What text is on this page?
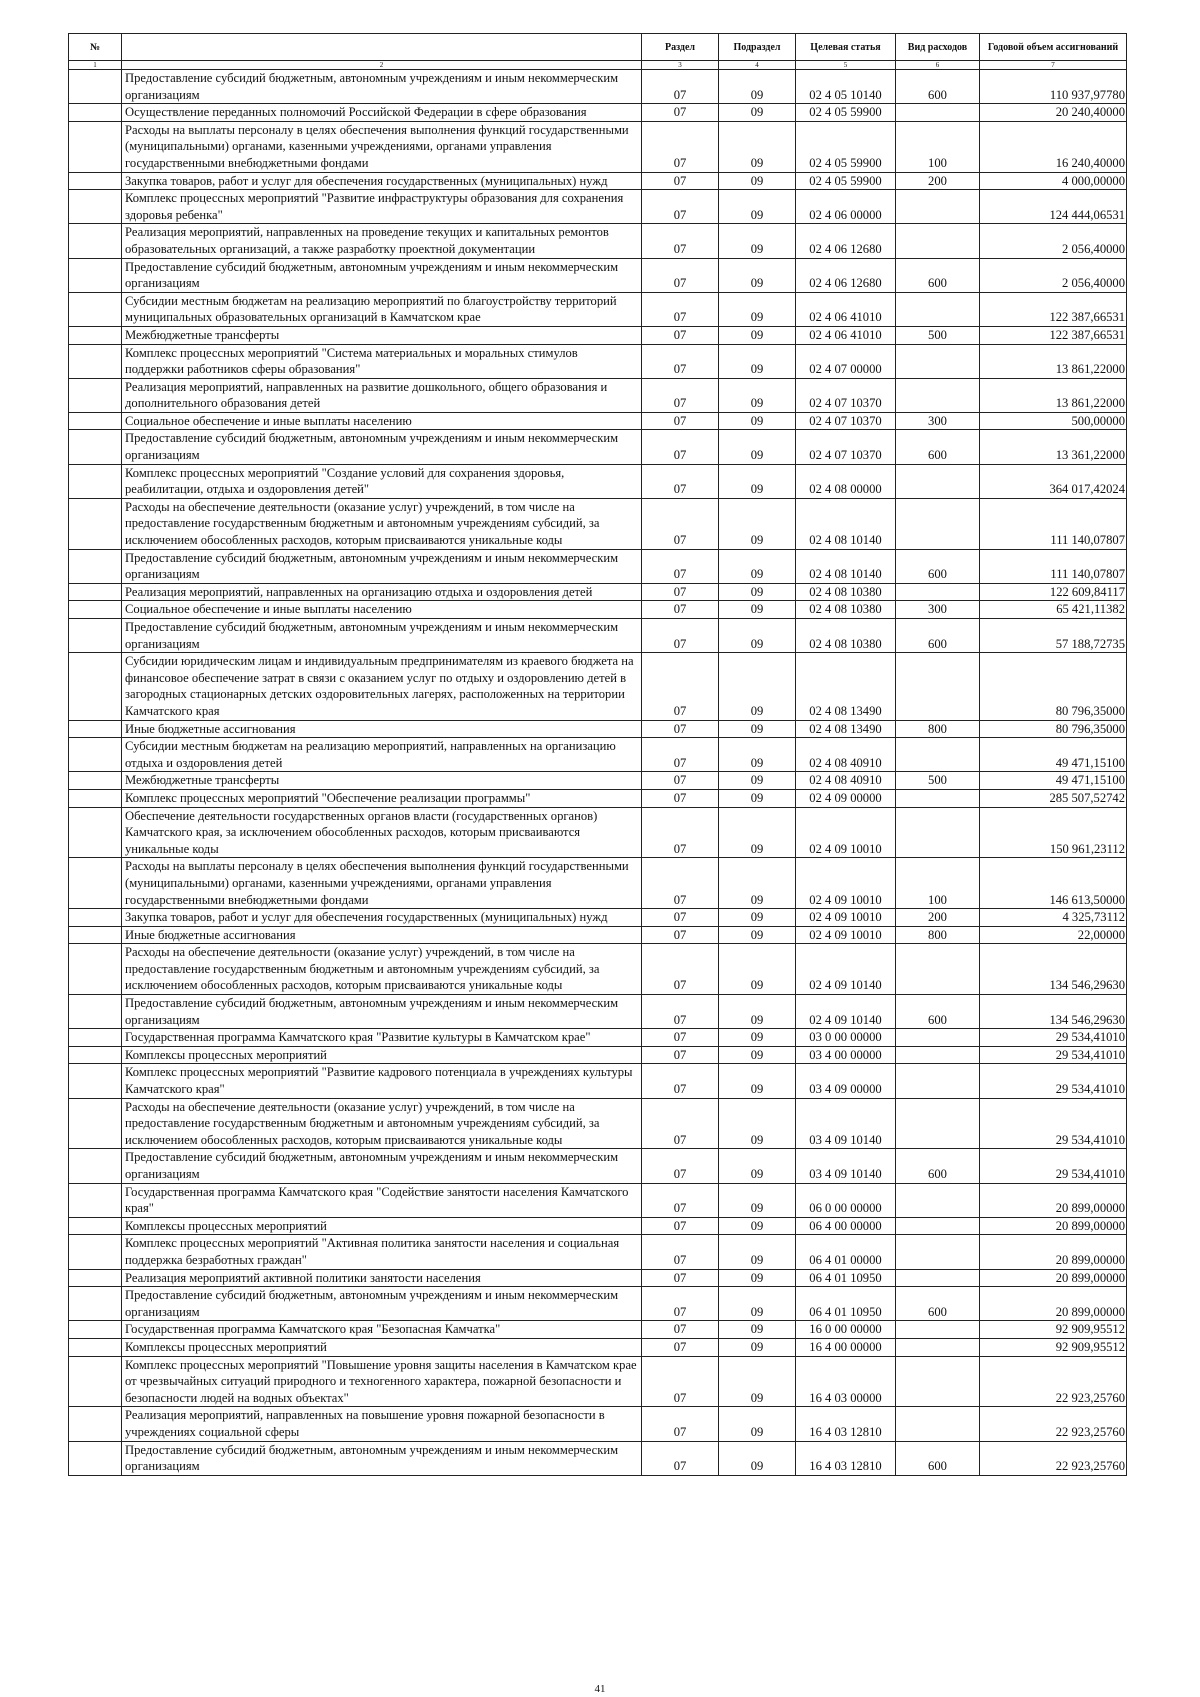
№		Раздел	Подраздел	Целевая статья	Вид расходов	Годовой объем ассигнований
1	2	3	4	5	6	7
	Предоставление субсидий бюджетным, автономным учреждениям и иным некоммерческим организациям	07	09	02 4 05 10140	600	110 937,97780
	Осуществление переданных полномочий Российской Федерации в сфере образования	07	09	02 4 05 59900		20 240,40000
	Расходы на выплаты персоналу в целях обеспечения выполнения функций государственными (муниципальными) органами, казенными учреждениями, органами управления государственными внебюджетными фондами	07	09	02 4 05 59900	100	16 240,40000
	Закупка товаров, работ и услуг для обеспечения государственных (муниципальных) нужд	07	09	02 4 05 59900	200	4 000,00000
	Комплекс процессных мероприятий "Развитие инфраструктуры образования для сохранения здоровья ребенка"	07	09	02 4 06 00000		124 444,06531
	Реализация мероприятий, направленных на проведение текущих и капитальных ремонтов образовательных организаций, а также разработку проектной документации	07	09	02 4 06 12680		2 056,40000
	Предоставление субсидий бюджетным, автономным учреждениям и иным некоммерческим организациям	07	09	02 4 06 12680	600	2 056,40000
	Субсидии местным бюджетам на реализацию мероприятий по благоустройству территорий муниципальных образовательных организаций в Камчатском крае	07	09	02 4 06 41010		122 387,66531
	Межбюджетные трансферты	07	09	02 4 06 41010	500	122 387,66531
	Комплекс процессных мероприятий "Система материальных и моральных стимулов поддержки работников сферы образования"	07	09	02 4 07 00000		13 861,22000
	Реализация мероприятий, направленных на развитие дошкольного, общего образования и дополнительного образования детей	07	09	02 4 07 10370		13 861,22000
	Социальное обеспечение и иные выплаты населению	07	09	02 4 07 10370	300	500,00000
	Предоставление субсидий бюджетным, автономным учреждениям и иным некоммерческим организациям	07	09	02 4 07 10370	600	13 361,22000
	Комплекс процессных мероприятий "Создание условий для сохранения здоровья, реабилитации, отдыха и оздоровления детей"	07	09	02 4 08 00000		364 017,42024
	Расходы на обеспечение деятельности (оказание услуг) учреждений, в том числе на предоставление государственным бюджетным и автономным учреждениям субсидий, за исключением обособленных расходов, которым присваиваются уникальные коды	07	09	02 4 08 10140		111 140,07807
	Предоставление субсидий бюджетным, автономным учреждениям и иным некоммерческим организациям	07	09	02 4 08 10140	600	111 140,07807
	Реализация мероприятий, направленных на организацию отдыха и оздоровления детей	07	09	02 4 08 10380		122 609,84117
	Социальное обеспечение и иные выплаты населению	07	09	02 4 08 10380	300	65 421,11382
	Предоставление субсидий бюджетным, автономным учреждениям и иным некоммерческим организациям	07	09	02 4 08 10380	600	57 188,72735
	Субсидии юридическим лицам и индивидуальным предпринимателям из краевого бюджета на финансовое обеспечение затрат в связи с оказанием услуг по отдыху и оздоровлению детей в загородных стационарных детских оздоровительных лагерях, расположенных на территории Камчатского края	07	09	02 4 08 13490		80 796,35000
	Иные бюджетные ассигнования	07	09	02 4 08 13490	800	80 796,35000
	Субсидии местным бюджетам на реализацию мероприятий, направленных на организацию отдыха и оздоровления детей	07	09	02 4 08 40910		49 471,15100
	Межбюджетные трансферты	07	09	02 4 08 40910	500	49 471,15100
	Комплекс процессных мероприятий "Обеспечение реализации программы"	07	09	02 4 09 00000		285 507,52742
	Обеспечение деятельности государственных органов власти (государственных органов) Камчатского края, за исключением обособленных расходов, которым присваиваются уникальные коды	07	09	02 4 09 10010		150 961,23112
	Расходы на выплаты персоналу в целях обеспечения выполнения функций государственными (муниципальными) органами, казенными учреждениями, органами управления государственными внебюджетными фондами	07	09	02 4 09 10010	100	146 613,50000
	Закупка товаров, работ и услуг для обеспечения государственных (муниципальных) нужд	07	09	02 4 09 10010	200	4 325,73112
	Иные бюджетные ассигнования	07	09	02 4 09 10010	800	22,00000
	Расходы на обеспечение деятельности (оказание услуг) учреждений, в том числе на предоставление государственным бюджетным и автономным учреждениям субсидий, за исключением обособленных расходов, которым присваиваются уникальные коды	07	09	02 4 09 10140		134 546,29630
	Предоставление субсидий бюджетным, автономным учреждениям и иным некоммерческим организациям	07	09	02 4 09 10140	600	134 546,29630
	Государственная программа Камчатского края "Развитие культуры в Камчатском крае"	07	09	03 0 00 00000		29 534,41010
	Комплексы процессных мероприятий	07	09	03 4 00 00000		29 534,41010
	Комплекс процессных мероприятий "Развитие кадрового потенциала в учреждениях культуры Камчатского края"	07	09	03 4 09 00000		29 534,41010
	Расходы на обеспечение деятельности (оказание услуг) учреждений, в том числе на предоставление государственным бюджетным и автономным учреждениям субсидий, за исключением обособленных расходов, которым присваиваются уникальные коды	07	09	03 4 09 10140		29 534,41010
	Предоставление субсидий бюджетным, автономным учреждениям и иным некоммерческим организациям	07	09	03 4 09 10140	600	29 534,41010
	Государственная программа Камчатского края "Содействие занятости населения Камчатского края"	07	09	06 0 00 00000		20 899,00000
	Комплексы процессных мероприятий	07	09	06 4 00 00000		20 899,00000
	Комплекс процессных мероприятий "Активная политика занятости населения и социальная поддержка безработных граждан"	07	09	06 4 01 00000		20 899,00000
	Реализация мероприятий активной политики занятости населения	07	09	06 4 01 10950		20 899,00000
	Предоставление субсидий бюджетным, автономным учреждениям и иным некоммерческим организациям	07	09	06 4 01 10950	600	20 899,00000
	Государственная программа Камчатского края "Безопасная Камчатка"	07	09	16 0 00 00000		92 909,95512
	Комплексы процессных мероприятий	07	09	16 4 00 00000		92 909,95512
	Комплекс процессных мероприятий "Повышение уровня защиты населения в Камчатском крае от чрезвычайных ситуаций природного и техногенного характера, пожарной безопасности и безопасности людей на водных объектах"	07	09	16 4 03 00000		22 923,25760
	Реализация мероприятий, направленных на повышение уровня пожарной безопасности в учреждениях социальной сферы	07	09	16 4 03 12810		22 923,25760
	Предоставление субсидий бюджетным, автономным учреждениям и иным некоммерческим организациям	07	09	16 4 03 12810	600	22 923,25760
41
